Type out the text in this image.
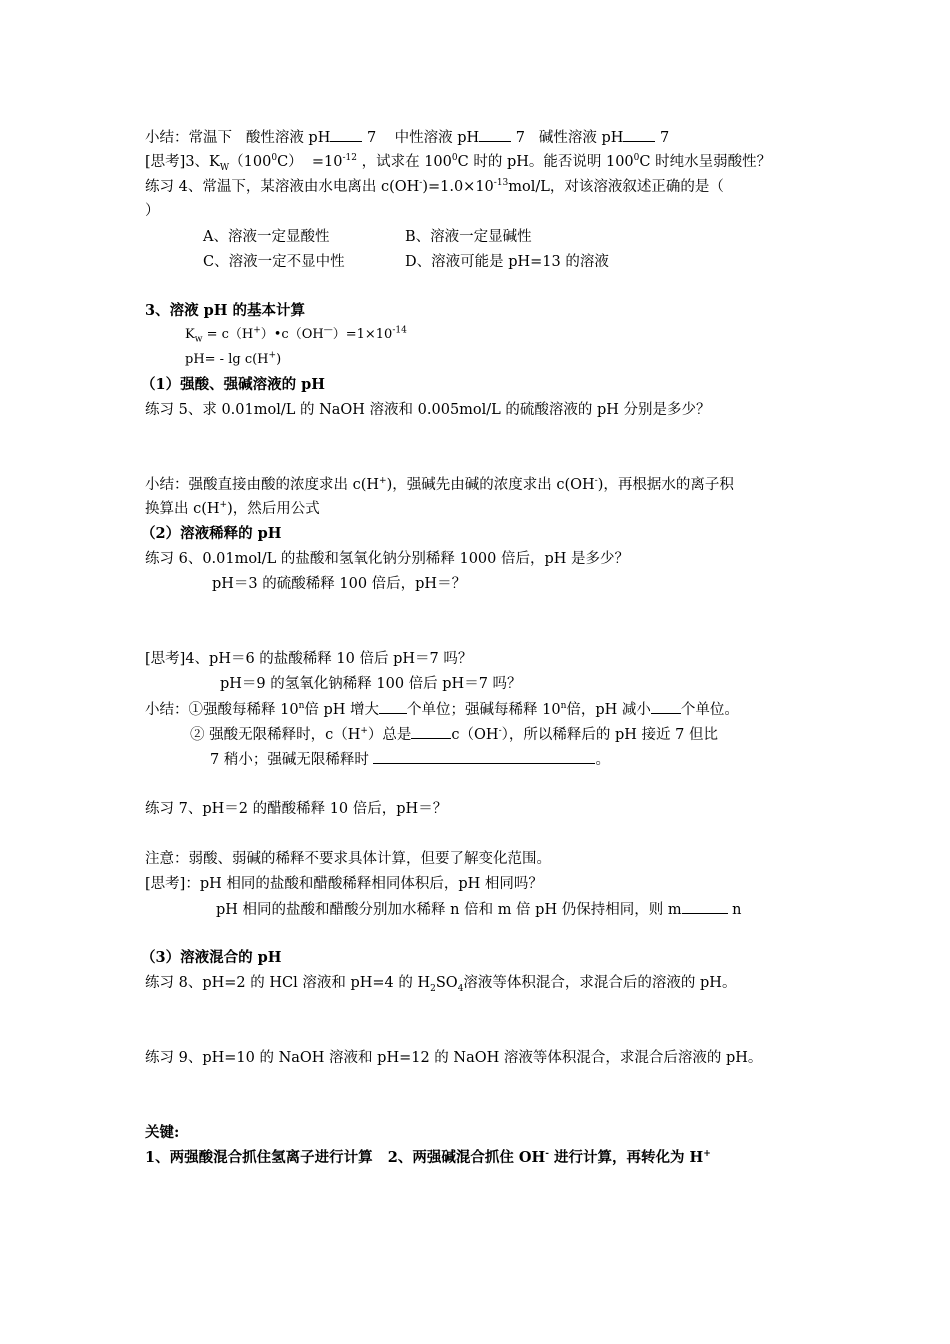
小结：常温下   酸性溶液 pH 7    中性溶液 pH 7   碱性溶液 pH 7
[思考]3、$K_W(100^0C) =10^{-12}$ ，试求在 $100^0C$ 时的 pH。能否说明 $100^0C$ 时纯水呈弱酸性？
练习 4、常温下，某溶液由水电离出 $c(OH^-)=1.0\times 10^{-13}mol/L$，对该溶液叙述正确的是（
）
A、溶液一定显酸性	B、溶液一定显碱性
C、溶液一定不显中性	D、溶液可能是 pH=13 的溶液
3、溶液 pH 的基本计算
$K_w$ = $c(H^+)•c(OH^—)=1\times 10^{-14}$
pH= - lg c(H+)
（1）强酸、强碱溶液的 pH
练习 5、求 0.01mol/L 的 NaOH 溶液和 0.005mol/L 的硫酸溶液的 pH 分别是多少？
小结：强酸直接由酸的浓度求出 c(H+)，强碱先由碱的浓度求出 c(OH-)，再根据水的离子积
换算出 c(H+)，然后用公式
（2）溶液稀释的 pH
练习 6、0.01mol/L 的盐酸和氢氧化钠分别稀释 1000 倍后，pH 是多少？
pH＝3 的硫酸稀释 100 倍后，pH＝？
[思考]4、pH＝6 的盐酸稀释 10 倍后 pH＝7 吗？
pH＝9 的氢氧化钠稀释 100 倍后 pH＝7 吗？
小结：①强酸每稀释 10$^n$倍 pH 增大 个单位；强碱每稀释 10$^n$倍，pH 减小 个单位。
② 强酸无限稀释时，c（H+）总是	c（OH-），所以稀释后的 pH 接近 7 但比
7 稍小；强碱无限稀释时	。
练习 7、pH＝2 的醋酸稀释 10 倍后，pH＝？
注意：弱酸、弱碱的稀释不要求具体计算，但要了解变化范围。
[思考]：pH 相同的盐酸和醋酸稀释相同体积后，pH 相同吗？
pH 相同的盐酸和醋酸分别加水稀释 n 倍和 m 倍 pH 仍保持相同，则 m	n
（3）溶液混合的 pH
练习 8、pH=2 的 HCl 溶液和 pH=4 的 $H_2SO_4$溶液等体积混合，求混合后的溶液的 pH。
练习 9、pH=10 的 NaOH 溶液和 pH=12 的 NaOH 溶液等体积混合，求混合后溶液的 pH。
关键:
1、两强酸混合抓住氢离子进行计算   2、两强碱混合抓住 OH- 进行计算，再转化为 H+
